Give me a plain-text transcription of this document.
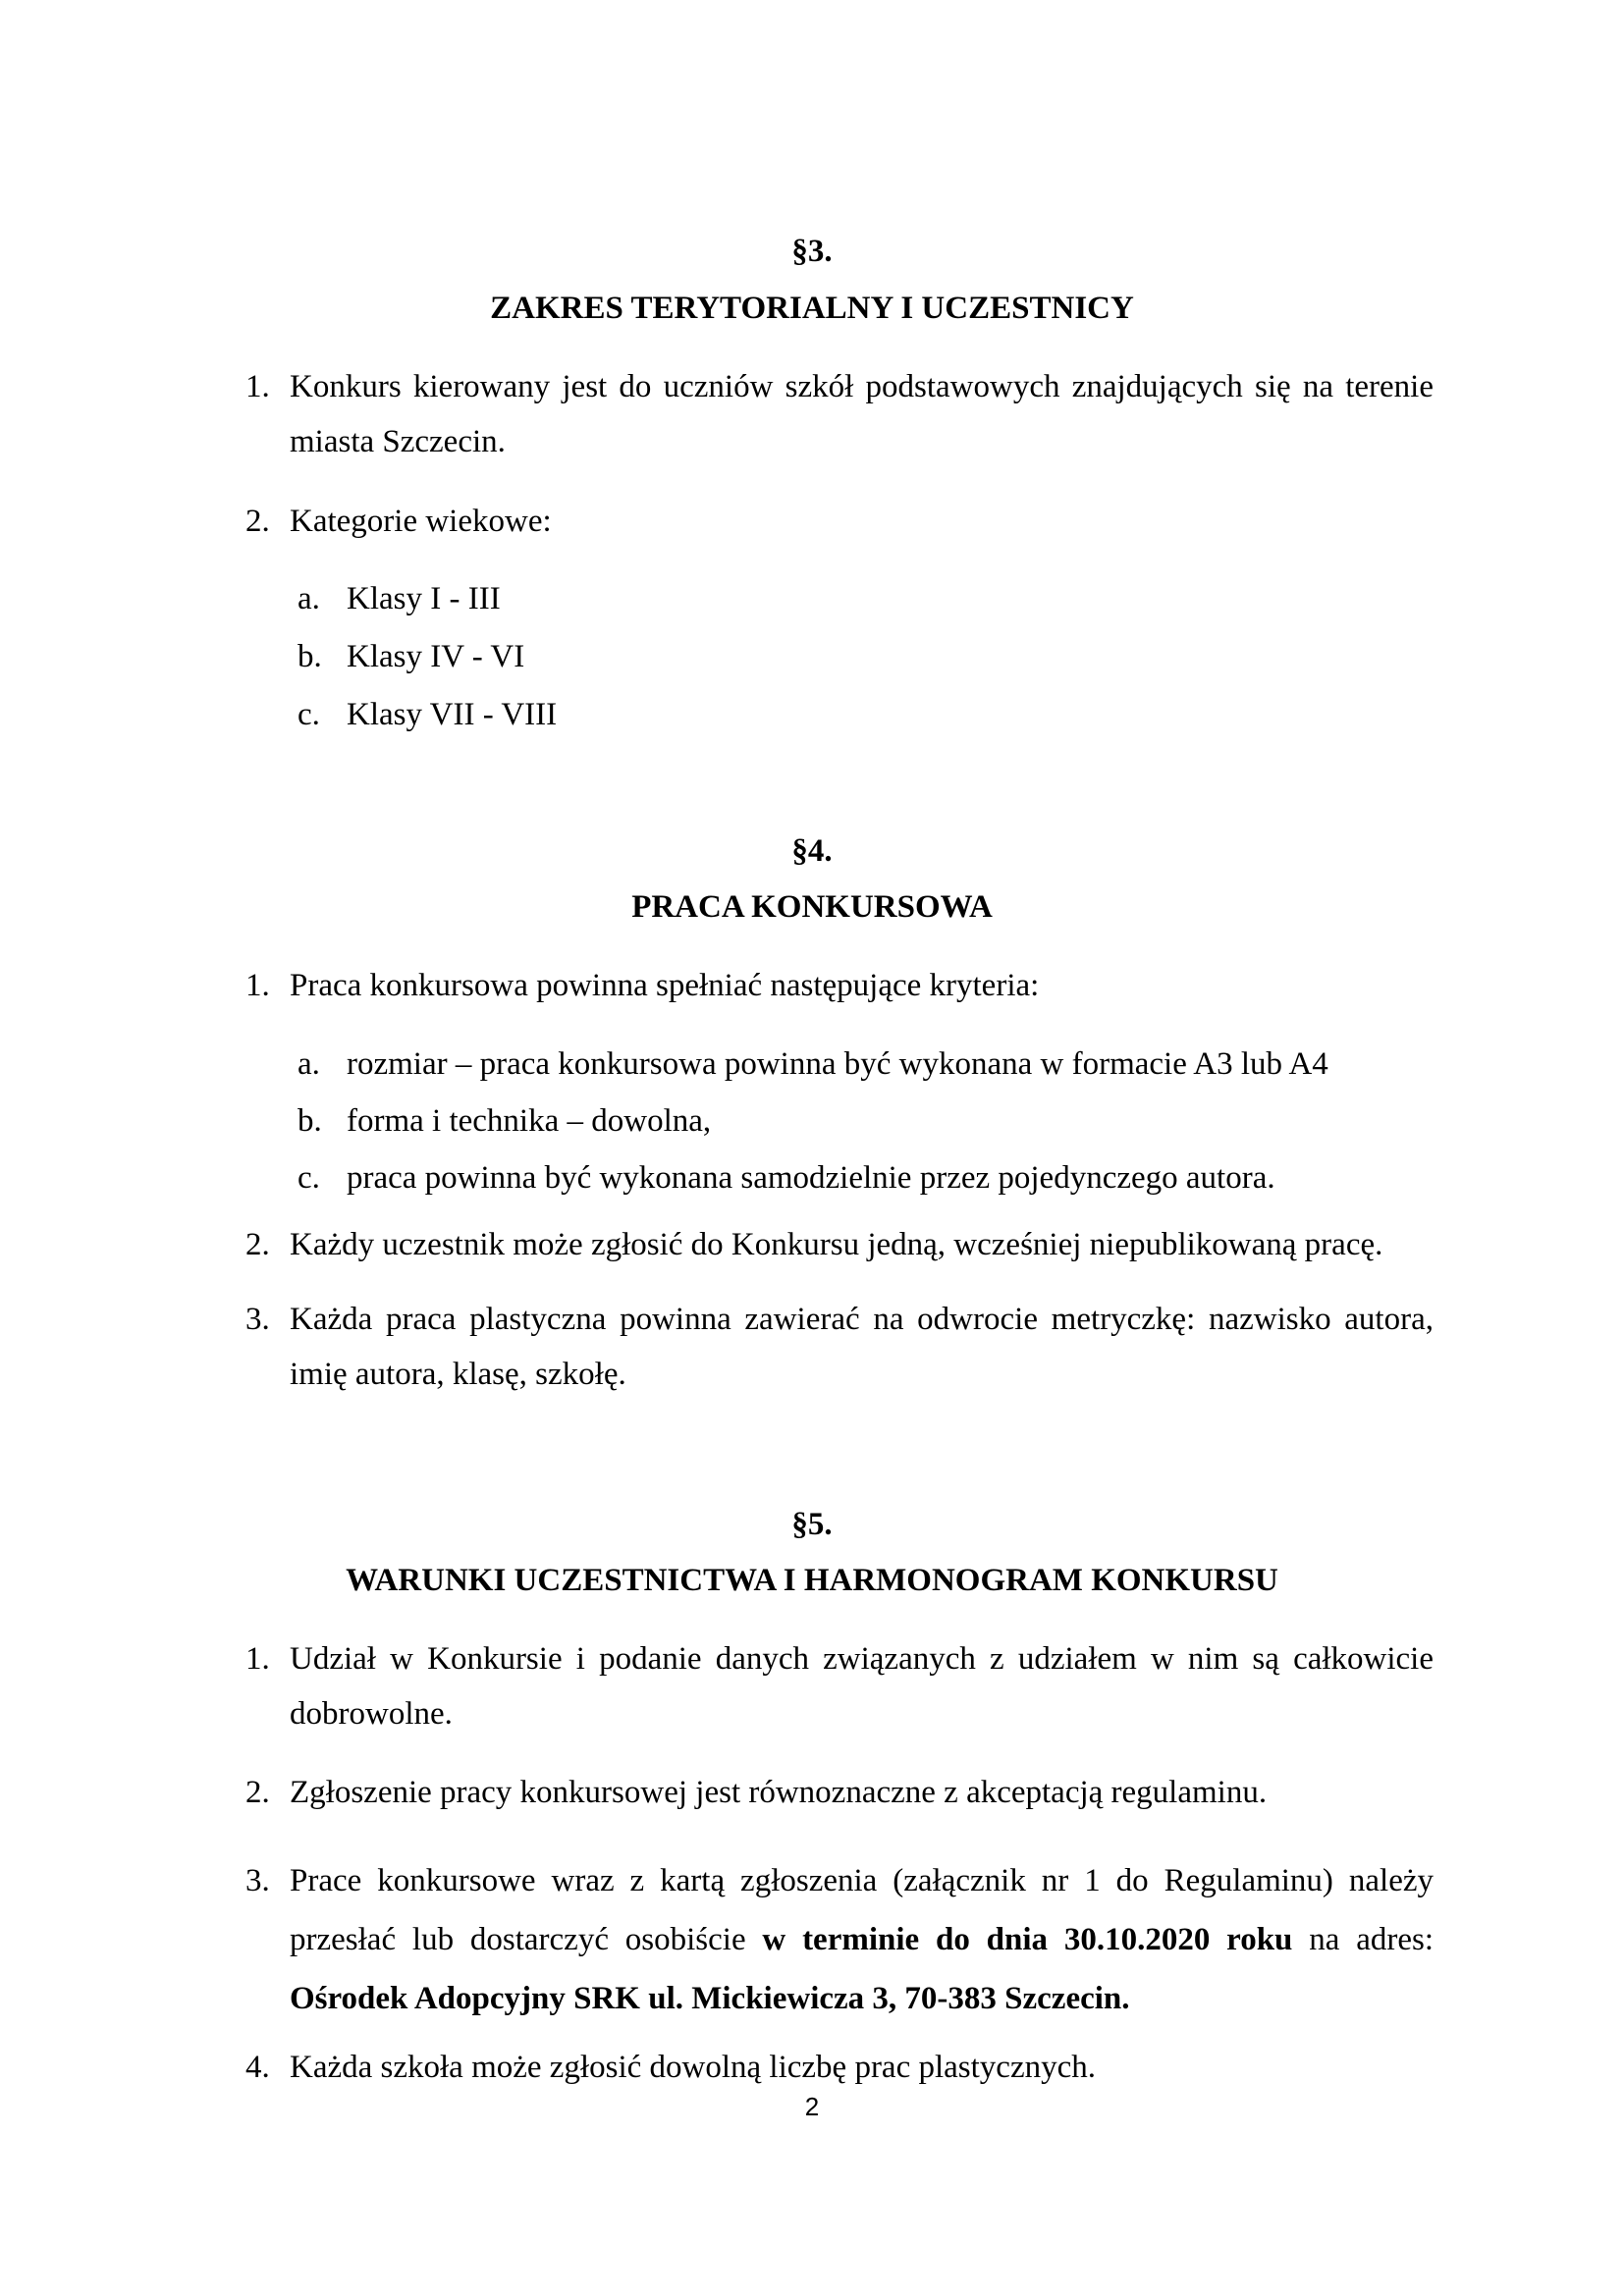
§3.
ZAKRES TERYTORIALNY I UCZESTNICY
1. Konkurs kierowany jest do uczniów szkół podstawowych znajdujących się na terenie miasta Szczecin.
2. Kategorie wiekowe:
a. Klasy I - III
b. Klasy IV - VI
c. Klasy VII - VIII
§4.
PRACA KONKURSOWA
1. Praca konkursowa powinna spełniać następujące kryteria:
a. rozmiar – praca konkursowa powinna być wykonana w formacie A3 lub A4
b. forma i technika – dowolna,
c. praca powinna być wykonana samodzielnie przez pojedynczego autora.
2. Każdy uczestnik może zgłosić do Konkursu jedną, wcześniej niepublikowaną pracę.
3. Każda praca plastyczna powinna zawierać na odwrocie metryczkę: nazwisko autora, imię autora, klasę, szkołę.
§5.
WARUNKI UCZESTNICTWA I HARMONOGRAM KONKURSU
1. Udział w Konkursie i podanie danych związanych z udziałem w nim są całkowicie dobrowolne.
2. Zgłoszenie pracy konkursowej jest równoznaczne z akceptacją regulaminu.
3. Prace konkursowe wraz z kartą zgłoszenia (załącznik nr 1 do Regulaminu) należy przesłać lub dostarczyć osobiście w terminie do dnia 30.10.2020 roku na adres: Ośrodek Adopcyjny SRK ul. Mickiewicza 3, 70-383 Szczecin.
4. Każda szkoła może zgłosić dowolną liczbę prac plastycznych.
2
